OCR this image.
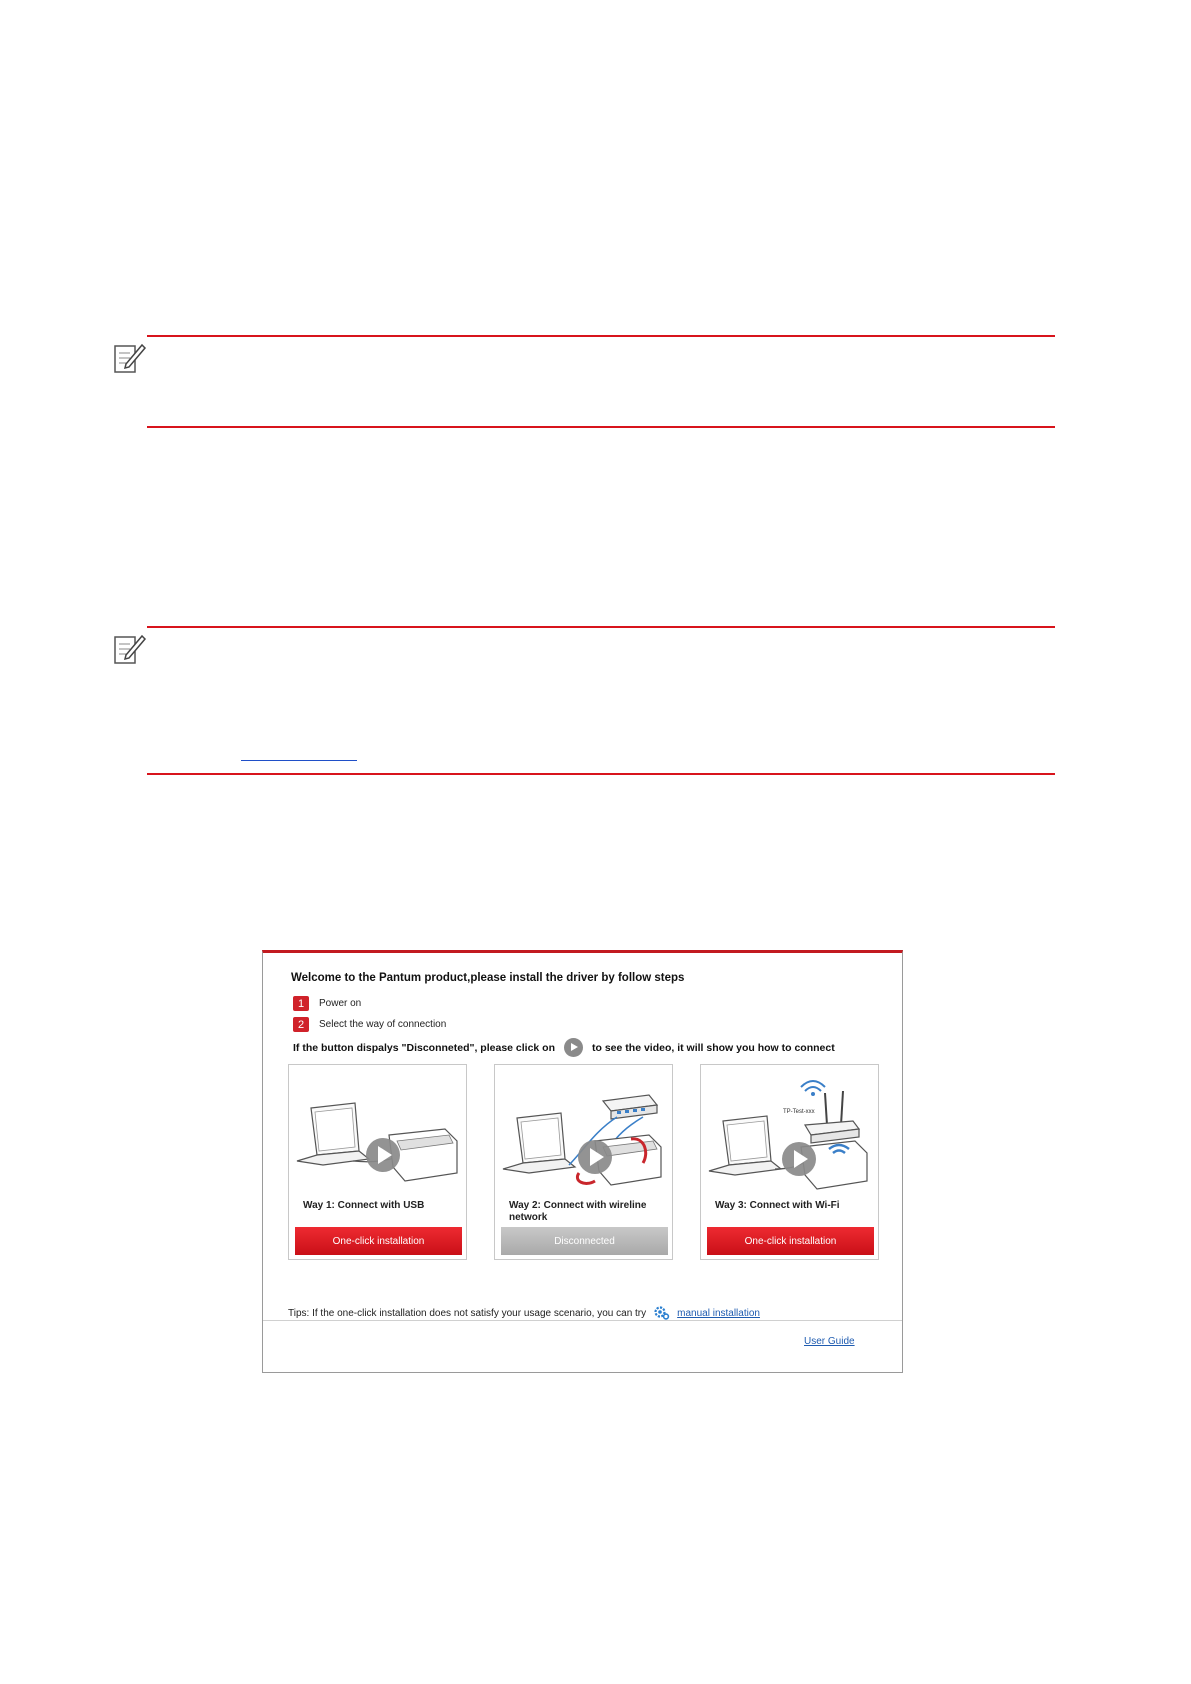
Welcome to the Pantum product,please install the driver by follow steps
1	Power on
2	Select the way of connection
If the button dispalys "Disconneted", please click on	to see the video, it will show you how to connect
Way 1: Connect with USB
One-click installation
Way 2: Connect with wireline network
Disconnected
TP-Test-xxx
Way 3: Connect with Wi-Fi
One-click installation
Tips: If the one-click installation does not satisfy your usage scenario, you can try	manual installation
User Guide
